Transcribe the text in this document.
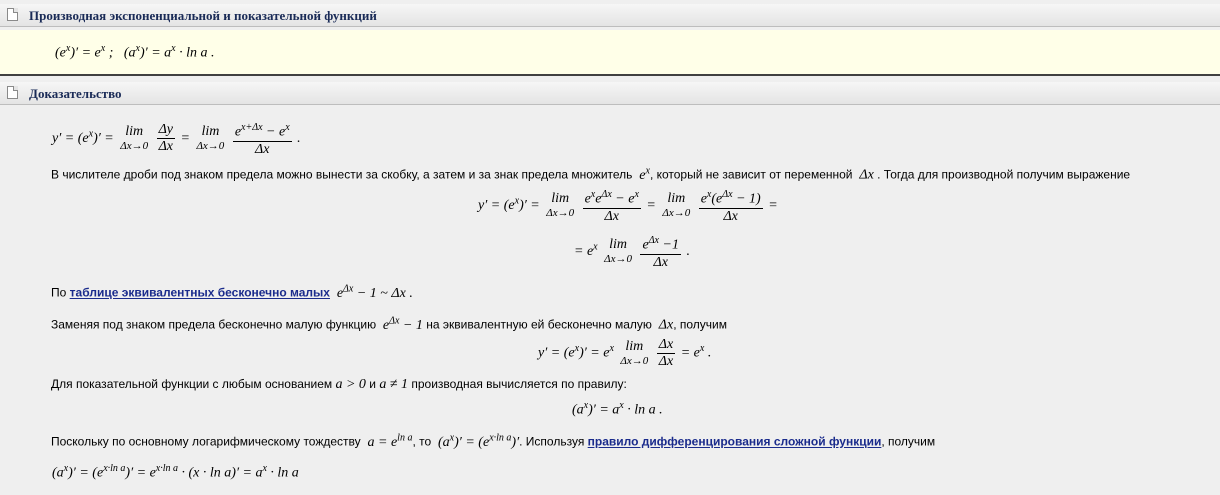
Производная экспоненциальной и показательной функций
$(e^x)' = e^x$ ;   $(a^x)' = a^x \cdot \ln a$ .
Доказательство
$y' = (e^x)' = \lim$
Δx→0
$\frac{\Delta y}{\Delta x} = \lim$
Δx→0
$\frac{e^{x+\Delta x} - e^x}{\Delta x}$ .
В числителе дроби под знаком предела можно вынести за скобку, а затем и за знак предела множитель  $e^x$, который не зависит от переменной  Δx . Тогда для производной получим выражение
$y' = (e^x)' = \lim$
Δx→0
$\frac{e^xe^{\Delta x} - e^x}{\Delta x} = \lim$
Δx→0
$\frac{e^x(e^{\Delta x} - 1)}{\Delta x}$ =
= $e^x$ lim
Δx→0
$\frac{e^{\Delta x} -1}{\Delta x}$ .
По таблице эквивалентных бесконечно малых  $e^{\Delta x} - 1$ ~ Δx .
Заменяя под знаком предела бесконечно малую функцию  $e^{\Delta x} - 1$ на эквивалентную ей бесконечно малую  Δx, получим
$y' = (e^x)' = e^x$ lim
Δx→0
$\frac{\Delta x}{\Delta x} = e^x$ .
Для показательной функции с любым основанием a > 0 и a ≠ 1 производная вычисляется по правилу:
$(a^x)' = a^x \cdot \ln a$ .
Поскольку по основному логарифмическому тождеству  $a = e^{ln a}$, то  $(a^x)' = (e^{x\cdot ln a})'$. Используя правило дифференцирования сложной функции, получим
$(a^x)' = (e^{x\cdot ln a})' = e^{x\cdot ln a} \cdot (x \cdot \ln a)' = a^x \cdot \ln a$
